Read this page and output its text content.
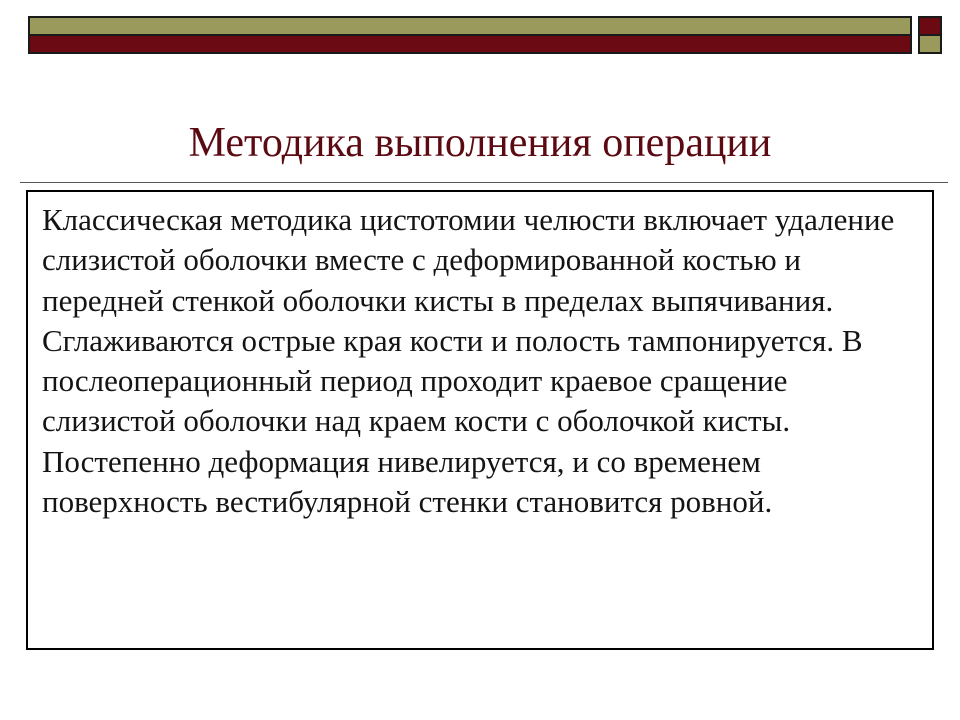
Методика выполнения операции

Классическая методика цистотомии челюсти включает удаление слизистой оболочки вместе с деформированной костью и передней стенкой оболочки кисты в пределах выпячивания. Сглаживаются острые края кости и полость тампонируется. В послеоперационный период проходит краевое сращение слизистой оболочки над краем кости с оболочкой кисты. Постепенно деформация нивелируется, и со временем поверхность вестибулярной стенки становится ровной.
